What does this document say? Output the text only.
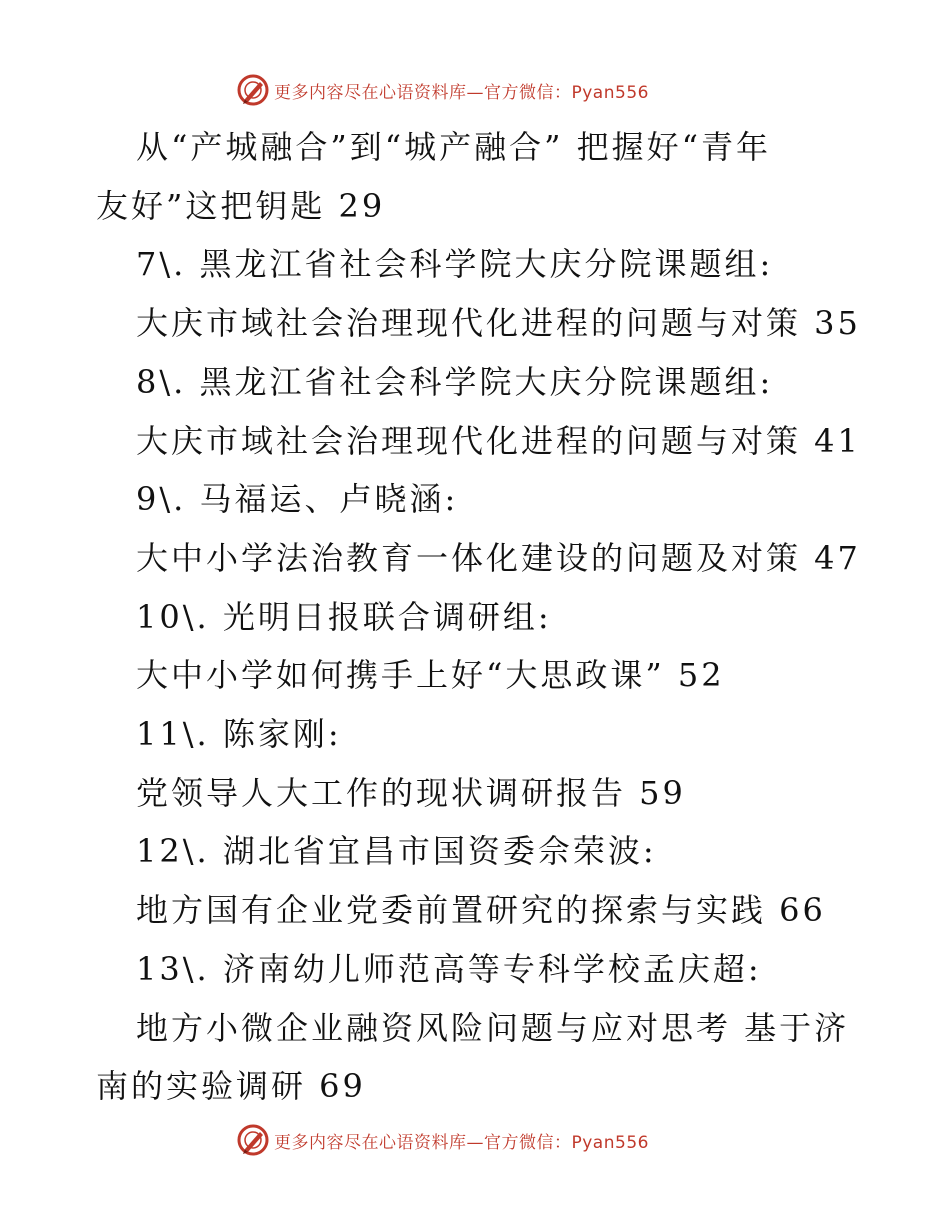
更多内容尽在心语资料库—官方微信：Pyan556
从“产城融合”到“城产融合” 把握好“青年
友好”这把钥匙 29
7\. 黑龙江省社会科学院大庆分院课题组:
大庆市域社会治理现代化进程的问题与对策 35
8\. 黑龙江省社会科学院大庆分院课题组:
大庆市域社会治理现代化进程的问题与对策 41
9\. 马福运、卢晓涵:
大中小学法治教育一体化建设的问题及对策 47
10\. 光明日报联合调研组:
大中小学如何携手上好“大思政课” 52
11\. 陈家刚:
党领导人大工作的现状调研报告 59
12\. 湖北省宜昌市国资委佘荣波:
地方国有企业党委前置研究的探索与实践 66
13\. 济南幼儿师范高等专科学校孟庆超:
地方小微企业融资风险问题与应对思考 基于济
南的实验调研 69
更多内容尽在心语资料库—官方微信：Pyan556
